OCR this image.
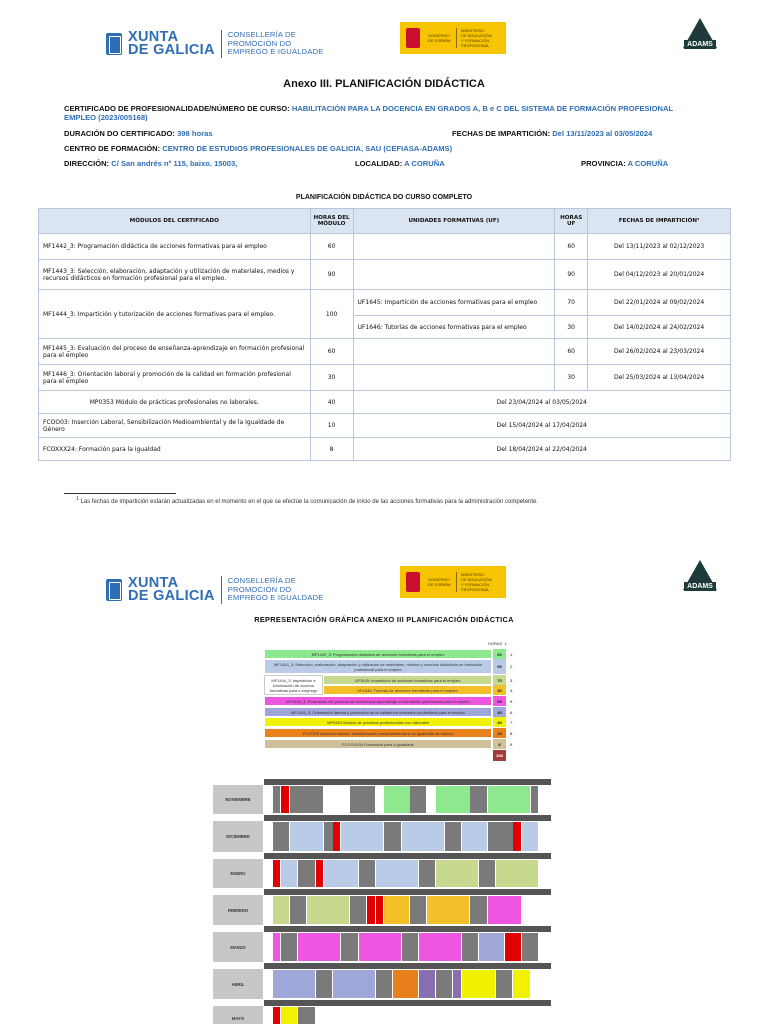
XUNTA
DE GALICIA
CONSELLERÍA DE
PROMOCIÓN DO
EMPREGO E IGUALDADE
GOBIERNO
DE ESPAÑA
MINISTERIO
DE EDUCACIÓN
Y FORMACIÓN PROFESIONAL	ADAMS
Anexo III. PLANIFICACIÓN DIDÁCTICA
CERTIFICADO DE PROFESIONALIDADE/NÚMERO DE CURSO: HABILITACIÓN PARA LA DOCENCIA EN GRADOS A, B e C DEL SISTEMA DE FORMACIÓN PROFESIONAL EMPLEO (2023/005168)
DURACIÓN DO CERTIFICADO: 398 horas	FECHAS DE IMPARTICIÓN: Del 13/11/2023 al 03/05/2024
CENTRO DE FORMACIÓN: CENTRO DE ESTUDIOS PROFESIONALES DE GALICIA, SAU (CEFIASA-ADAMS)
DIRECCIÓN: C/ San andrés nº 115, baixo. 15003,	LOCALIDAD: A CORUÑA	PROVINCIA: A CORUÑA
PLANIFICACIÓN DIDÁCTICA DO CURSO COMPLETO
MÓDULOS DEL CERTIFICADO	HORAS DEL MÓDULO	UNIDADES FORMATIVAS (UF)	HORAS UF	FECHAS DE IMPARTICIÓN¹
MF1442_3: Programación didáctica de acciones formativas para el empleo	60		60	Del 13/11/2023 al 02/12/2023
MF1443_3: Selección, elaboración, adaptación y utilización de materiales, medios y recursos didácticos en formación profesional para el empleo.	90		90	Del 04/12/2023 al 20/01/2024
MF1444_3: Impartición y tutorización de acciones formativas para el empleo.	100	UF1645: Impartición de acciones formativas para el empleo	70	Del 22/01/2024 al 09/02/2024
		UF1646: Tutorías de acciones formativas para el empleo	30	Del 14/02/2024 al 24/02/2024
MF1445_3: Evaluación del proceso de enseñanza-aprendizaje en formación profesional para el empleo	60		60	Del 26/02/2024 al 23/03/2024
MF1446_3: Orientación laboral y promoción de la calidad en formación profesional para el empleo	30		30	Del 25/03/2024 al 13/04/2024
MP0353 Módulo de prácticas profesionales no laborales.	40	Del 23/04/2024 al 03/05/2024		
FCOO03: Inserción Laboral, Sensibilización Medioambiental y de la Igualdade de Género	10	Del 15/04/2024 al 17/04/2024		
FCOXXX24: Formación para la igualdad	8	Del 18/04/2024 al 22/04/2024		
$^1$ Las fechas de impartición estarán actualizadas en el momento en el que se efectúe la comunicación de inicio de las acciones formativas para la administración competente.
XUNTA
DE GALICIA
CONSELLERÍA DE
PROMOCIÓN DO
EMPREGO E IGUALDADE
GOBIERNO
DE ESPAÑA
MINISTERIO
DE EDUCACIÓN
Y FORMACIÓN PROFESIONAL	ADAMS
REPRESENTACIÓN GRÁFICA ANEXO III PLANIFICACIÓN DIDÁCTICA
HORAS 1
MF1442_3: Programación didáctica de acciones formativas para el empleo	60	1.
MF1443_3: Selección, elaboración, adaptación y utilización de materiales, medios y recursos didácticos en formación profesional para el empleo	90	2.
UF1645: Impartición de acciones formativas para el empleo	70	3.
UF1646: Tutorías de acciones formativas para el empleo	30	4.
MF1445_3: Evaluación del proceso de enseñanza-aprendizaje en formación profesional para el empleo	60	5.
MF1446_3: Orientación laboral y promoción de la calidad en formación profesional para el empleo	30	6.
MP0353 Módulo de prácticas profesionales non laborales	40	7.
FCOO03 Inserción laboral, sensibilización medioambiental e na igualdade de xénero	10	8.
FCOXXX04 Formación para a igualdade	8	9.
MF1444_3: Impartición e tutorización de accións formativas para o emprego
398
NOVIEMBRE
DICIEMBRE
ENERO
FEBRERO
MARZO
ABRIL
MAYO
